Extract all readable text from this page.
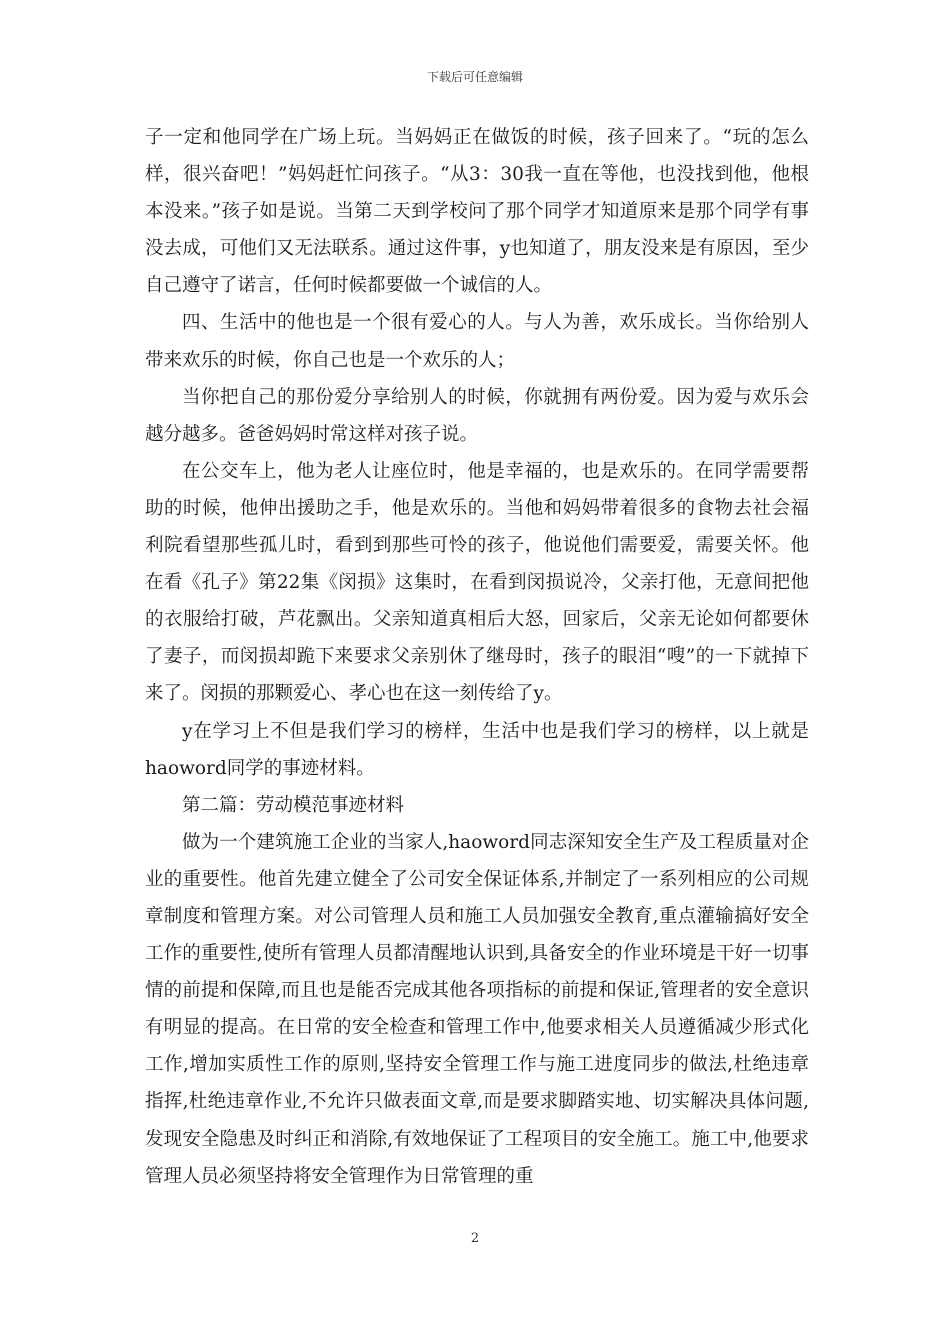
下载后可任意编辑

子一定和他同学在广场上玩。当妈妈正在做饭的时候，孩子回来了。“玩的怎么样，很兴奋吧！”妈妈赶忙问孩子。“从3：30我一直在等他，也没找到他，他根本没来。”孩子如是说。当第二天到学校问了那个同学才知道原来是那个同学有事没去成，可他们又无法联系。通过这件事，y也知道了，朋友没来是有原因，至少自己遵守了诺言，任何时候都要做一个诚信的人。

四、生活中的他也是一个很有爱心的人。与人为善，欢乐成长。当你给别人带来欢乐的时候，你自己也是一个欢乐的人；

当你把自己的那份爱分享给别人的时候，你就拥有两份爱。因为爱与欢乐会越分越多。爸爸妈妈时常这样对孩子说。

在公交车上，他为老人让座位时，他是幸福的，也是欢乐的。在同学需要帮助的时候，他伸出援助之手，他是欢乐的。当他和妈妈带着很多的食物去社会福利院看望那些孤儿时，看到到那些可怜的孩子，他说他们需要爱，需要关怀。他在看《孔子》第22集《闵损》这集时，在看到闵损说冷，父亲打他，无意间把他的衣服给打破，芦花飘出。父亲知道真相后大怒，回家后，父亲无论如何都要休了妻子，而闵损却跪下来要求父亲别休了继母时，孩子的眼泪“嗖”的一下就掉下来了。闵损的那颗爱心、孝心也在这一刻传给了y。

y在学习上不但是我们学习的榜样，生活中也是我们学习的榜样，以上就是haoword同学的事迹材料。

第二篇：劳动模范事迹材料

做为一个建筑施工企业的当家人,haoword同志深知安全生产及工程质量对企业的重要性。他首先建立健全了公司安全保证体系,并制定了一系列相应的公司规章制度和管理方案。对公司管理人员和施工人员加强安全教育,重点灌输搞好安全工作的重要性,使所有管理人员都清醒地认识到,具备安全的作业环境是干好一切事情的前提和保障,而且也是能否完成其他各项指标的前提和保证,管理者的安全意识有明显的提高。在日常的安全检查和管理工作中,他要求相关人员遵循减少形式化工作,增加实质性工作的原则,坚持安全管理工作与施工进度同步的做法,杜绝违章指挥,杜绝违章作业,不允许只做表面文章,而是要求脚踏实地、切实解决具体问题,发现安全隐患及时纠正和消除,有效地保证了工程项目的安全施工。施工中,他要求管理人员必须坚持将安全管理作为日常管理的重

2
